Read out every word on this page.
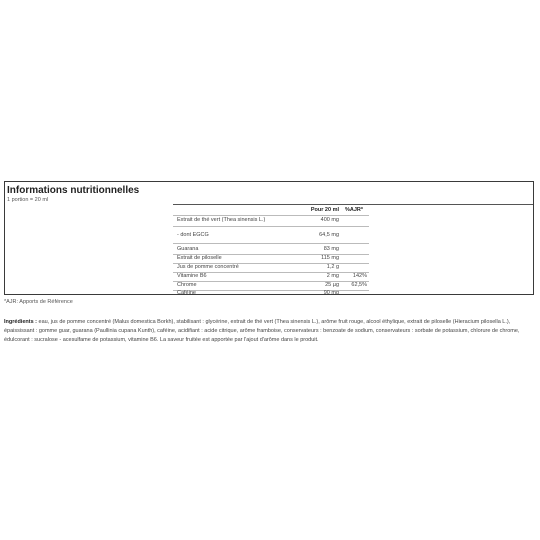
Informations nutritionnelles
1 portion = 20 ml
Pour 20 ml %AJR*
Extrait de thé vert (Thea sinensis L.)	400 mg
- dont EGCG	64,5 mg
Guarana	83 mg
Extrait de piloselle	115 mg
Jus de pomme concentré	1,2 g
Vitamine B6	2 mg	142%
Chrome	25 µg	62,5%
Caféine	90 mg
*AJR: Apports de Référence
Ingrédients : eau, jus de pomme concentré (Malus domestica Borkh), stabilisant : glycérine, extrait de thé vert (Thea sinensis L.), arôme fruit rouge, alcool éthylique, extrait de piloselle (Hieracium pilosella L.), épaississant : gomme guar, guarana (Paullinia cupana Kunth), caféine, acidifiant : acide citrique, arôme framboise, conservateurs : benzoate de sodium, conservateurs : sorbate de potassium, chlorure de chrome, édulcorant : sucralose - acesulfame de potassium, vitamine B6. La saveur fruitée est apportée par l'ajout d'arôme dans le produit.
